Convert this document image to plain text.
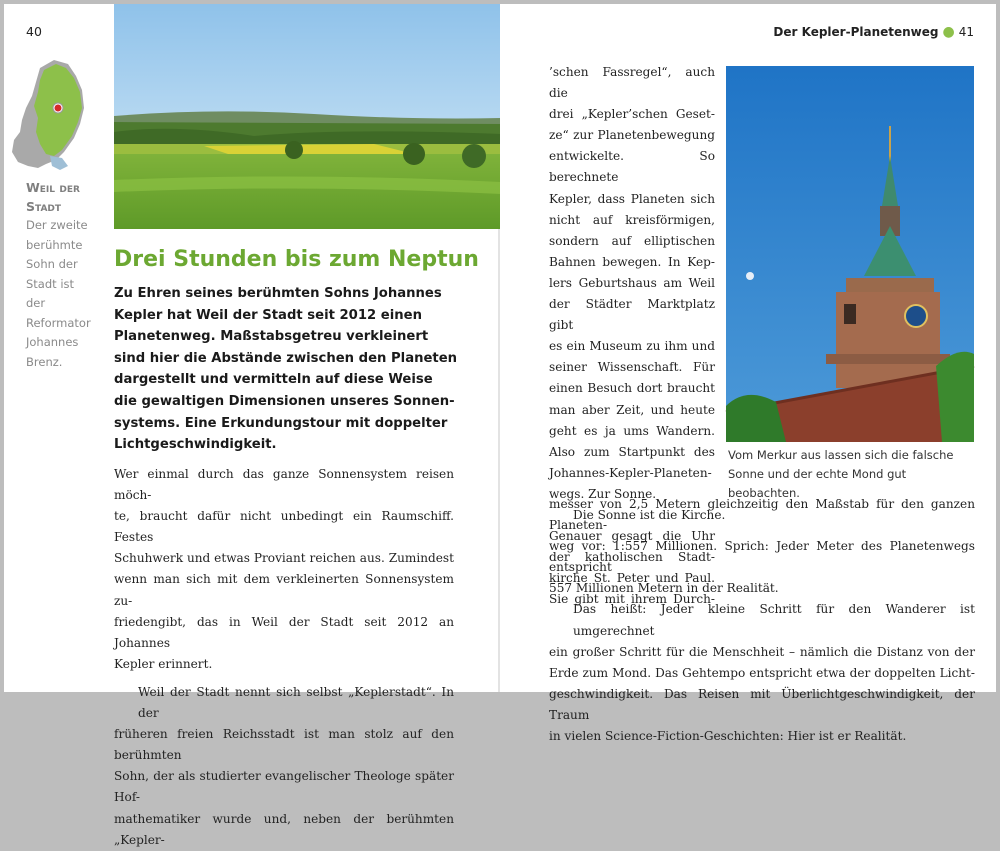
40
Weil der
Stadt
Der zweite
berühmte
Sohn der
Stadt ist der
Reformator
Johannes
Brenz.
Drei Stunden bis zum Neptun
Zu Ehren seines berühmten Sohns Johannes
Kepler hat Weil der Stadt seit 2012 einen
Planetenweg. Maßstabsgetreu verkleinert
sind hier die Abstände zwischen den Planeten
dargestellt und vermitteln auf diese Weise
die gewaltigen Dimensionen unseres Sonnen-
systems. Eine Erkundungstour mit doppelter
Lichtgeschwindigkeit.
Wer einmal durch das ganze Sonnensystem reisen möch-
te, braucht dafür nicht unbedingt ein Raumschiff. Festes
Schuhwerk und etwas Proviant reichen aus. Zumindest
wenn man sich mit dem verkleinerten Sonnensystem zu-
friedengibt, das in Weil der Stadt seit 2012 an Johannes
Kepler erinnert.
Weil der Stadt nennt sich selbst „Keplerstadt“. In der
früheren freien Reichsstadt ist man stolz auf den berühmten
Sohn, der als studierter evangelischer Theologe später Hof-
mathematiker wurde und, neben der berühmten „Kepler-
Der Kepler-Planetenweg ● 41
’schen Fassregel“, auch die
drei „Kepler’schen Geset-
ze“ zur Planetenbewegung
entwickelte. So berechnete
Kepler, dass Planeten sich
nicht auf kreisförmigen,
sondern auf elliptischen
Bahnen bewegen. In Kep-
lers Geburtshaus am Weil
der Städter Marktplatz gibt
es ein Museum zu ihm und
seiner Wissenschaft. Für
einen Besuch dort braucht
man aber Zeit, und heute
geht es ja ums Wandern.
Also zum Startpunkt des
Johannes-Kepler-Planeten-
wegs. Zur Sonne.
Die Sonne ist die Kirche.
Genauer gesagt die Uhr
der katholischen Stadt-
kirche St. Peter und Paul.
Sie gibt mit ihrem Durch-
Vom Merkur aus lassen sich die falsche
Sonne und der echte Mond gut beobachten.
messer von 2,5 Metern gleichzeitig den Maßstab für den ganzen Planeten-
weg vor: 1:557 Millionen. Sprich: Jeder Meter des Planetenwegs entspricht
557 Millionen Metern in der Realität.
Das heißt: Jeder kleine Schritt für den Wanderer ist umgerechnet
ein großer Schritt für die Menschheit – nämlich die Distanz von der
Erde zum Mond. Das Gehtempo entspricht etwa der doppelten Licht-
geschwindigkeit. Das Reisen mit Überlichtgeschwindigkeit, der Traum
in vielen Science-Fiction-Geschichten: Hier ist er Realität.
